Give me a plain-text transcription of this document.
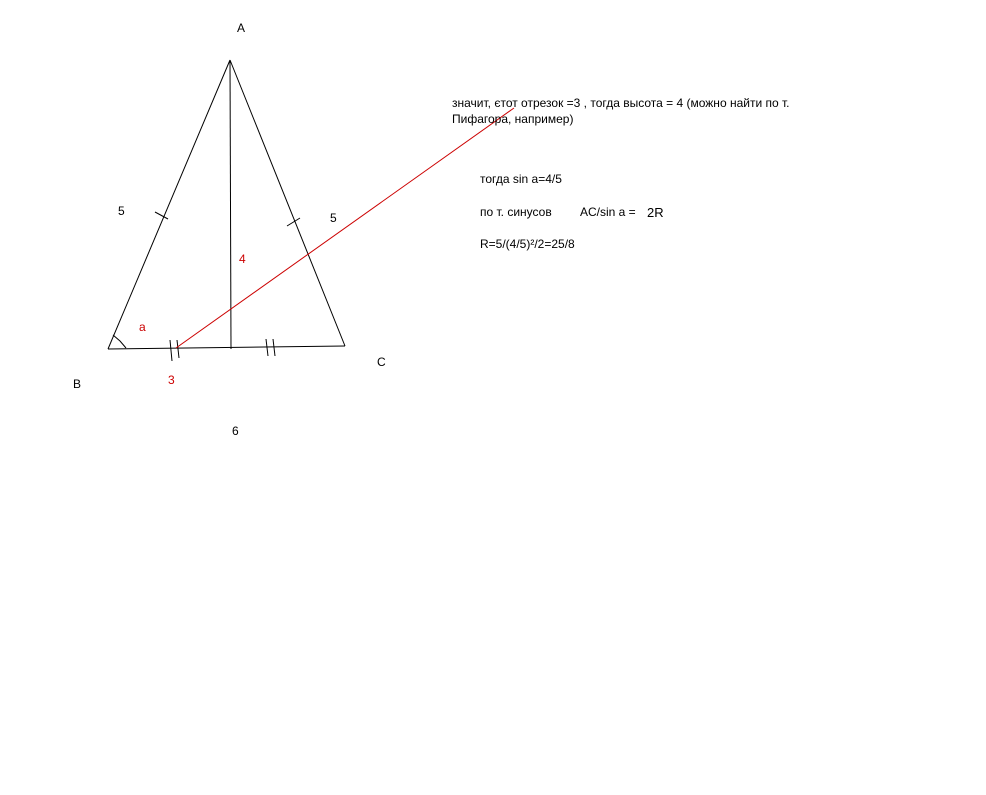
A
B
C
5	5
4
a
3
6
значит, єтот отрезок =3 , тогда высота = 4 (можно найти по т. Пифагора, например)
тогда sin a=4/5
по т. синусов AC/sin a = 2R
R=5/(4/5)²/2=25/8
